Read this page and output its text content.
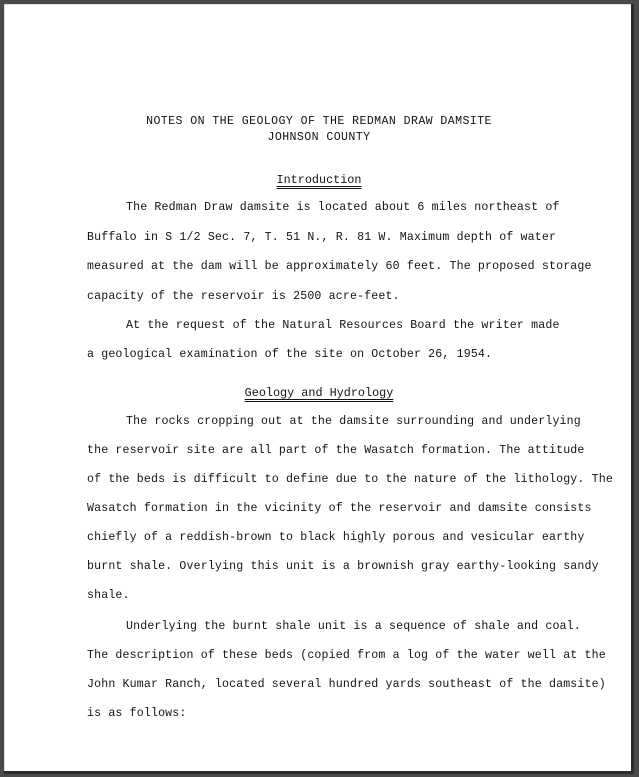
NOTES ON THE GEOLOGY OF THE REDMAN DRAW DAMSITE
JOHNSON COUNTY
Introduction
The Redman Draw damsite is located about 6 miles northeast of
Buffalo in S 1/2 Sec. 7, T. 51 N., R. 81 W. Maximum depth of water
measured at the dam will be approximately 60 feet. The proposed storage
capacity of the reservoir is 2500 acre-feet.
At the request of the Natural Resources Board the writer made
a geological examination of the site on October 26, 1954.
Geology and Hydrology
The rocks cropping out at the damsite surrounding and underlying
the reservoir site are all part of the Wasatch formation. The attitude
of the beds is difficult to define due to the nature of the lithology. The
Wasatch formation in the vicinity of the reservoir and damsite consists
chiefly of a reddish-brown to black highly porous and vesicular earthy
burnt shale. Overlying this unit is a brownish gray earthy-looking sandy
shale.
Underlying the burnt shale unit is a sequence of shale and coal.
The description of these beds (copied from a log of the water well at the
John Kumar Ranch, located several hundred yards southeast of the damsite)
is as follows:
